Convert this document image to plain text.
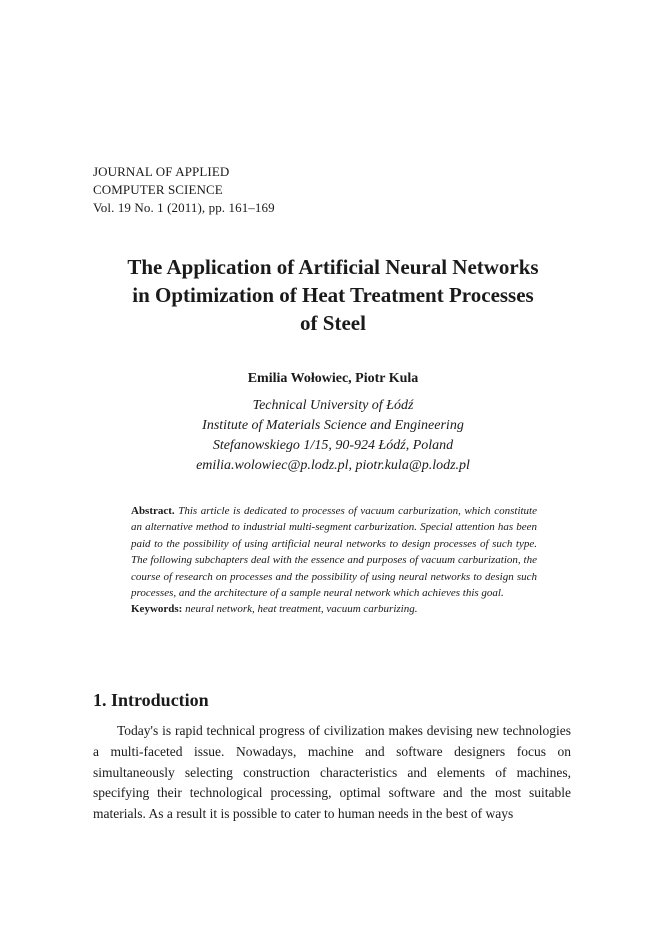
JOURNAL OF APPLIED
COMPUTER SCIENCE
Vol. 19 No. 1 (2011), pp. 161–169
The Application of Artificial Neural Networks
in Optimization of Heat Treatment Processes
of Steel
Emilia Wołowiec, Piotr Kula
Technical University of Łódź
Institute of Materials Science and Engineering
Stefanowskiego 1/15, 90-924 Łódź, Poland
emilia.wolowiec@p.lodz.pl, piotr.kula@p.lodz.pl

Abstract. This article is dedicated to processes of vacuum carburization, which constitute an alternative method to industrial multi-segment carburization. Special attention has been paid to the possibility of using artificial neural networks to design processes of such type. The following subchapters deal with the essence and purposes of vacuum carburization, the course of research on processes and the possibility of using neural networks to design such processes, and the architecture of a sample neural network which achieves this goal.

Keywords: neural network, heat treatment, vacuum carburizing.

1. Introduction

Today's is rapid technical progress of civilization makes devising new technologies a multi-faceted issue. Nowadays, machine and software designers focus on simultaneously selecting construction characteristics and elements of machines, specifying their technological processing, optimal software and the most suitable materials. As a result it is possible to cater to human needs in the best of ways
